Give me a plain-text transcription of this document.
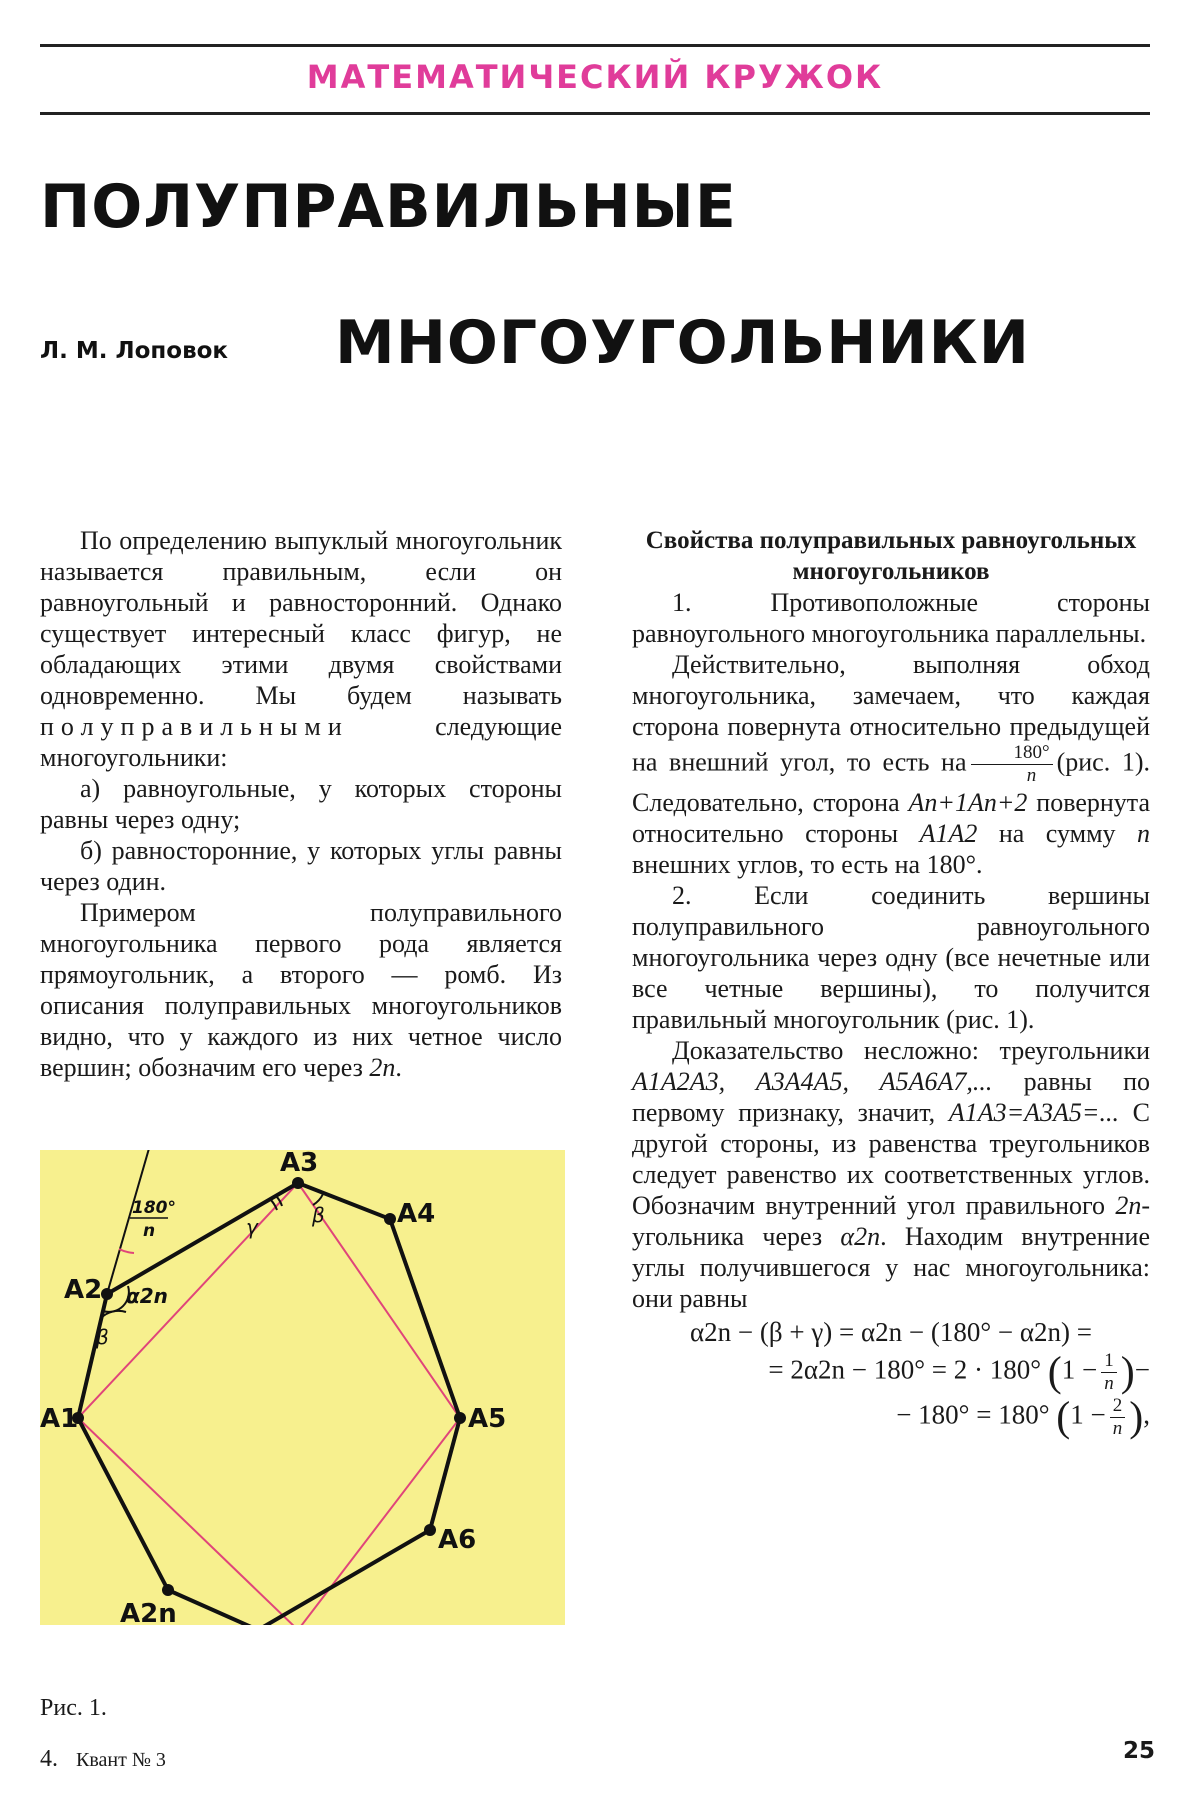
МАТЕМАТИЧЕСКИЙ КРУЖОК
ПОЛУПРАВИЛЬНЫЕ
Л. М. Лоповок МНОГОУГОЛЬНИКИ

По определению выпуклый многоугольник называется правильным, если он равноугольный и равносторонний. Однако существует интересный класс фигур, не обладающих этими двумя свойствами одновременно. Мы будем называть полуправильными следующие многоугольники:

а) равноугольные, у которых стороны равны через одну;

б) равносторонние, у которых углы равны через один.

Примером полуправильного многоугольника первого рода является прямоугольник, а второго — ромб. Из описания полуправильных многоугольников видно, что у каждого из них четное число вершин; обозначим его через 2n.

A1
A2
A3
A4
A5
A6
A2n
180°
n
α2n
β
β
γ
Рис. 1.

Свойства полуправильных равноугольных многоугольников

1. Противоположные стороны равноугольного многоугольника параллельны.

Действительно, выполняя обход многоугольника, замечаем, что каждая сторона повернута относительно предыдущей на внешний угол, то есть на $\frac{180^\circ}{n} (рис$. 1). Следовательно, сторона An+1An+2 повернута относительно стороны A1A2 на сумму n внешних углов, то есть на 180°.

2. Если соединить вершины полуправильного равноугольного многоугольника через одну (все нечетные или все четные вершины), то получится правильный многоугольник (рис. 1).

Доказательство несложно: треугольники A1A2A3, A3A4A5, A5A6A7,... равны по первому признаку, значит, A1A3=A3A5=... С другой стороны, из равенства треугольников следует равенство их соответственных углов. Обозначим внутренний угол правильного 2n-угольника через α2n. Находим внутренние углы получившегося у нас многоугольника: они равны

α2n − (β + γ) = α2n − (180° − α2n) =

= 2α2n − 180° = 2 · 180° ($1 - \frac{1}{n}$ )−

− 180° = 180° ($1 - \frac{2}{n}$ ),

4. Квант № 3	25
